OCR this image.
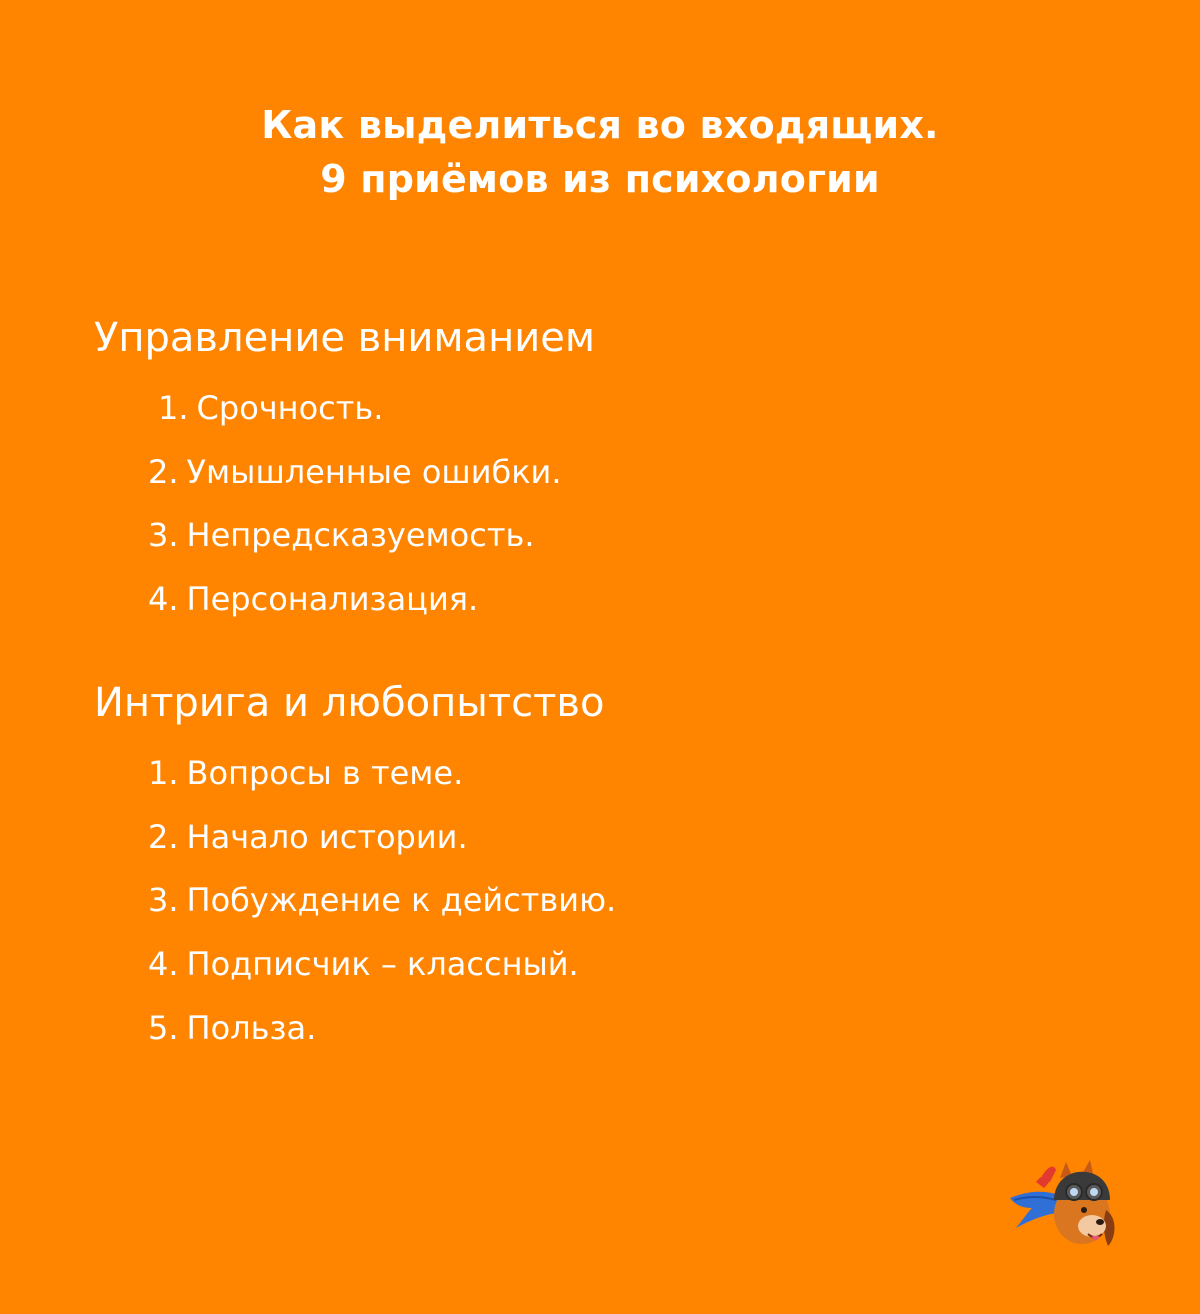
Как выделиться во входящих.
9 приёмов из психологии
Управление вниманием
1. Срочность.
2. Умышленные ошибки.
3. Непредсказуемость.
4. Персонализация.
Интрига и любопытство
1. Вопросы в теме.
2. Начало истории.
3. Побуждение к действию.
4. Подписчик – классный.
5. Польза.
